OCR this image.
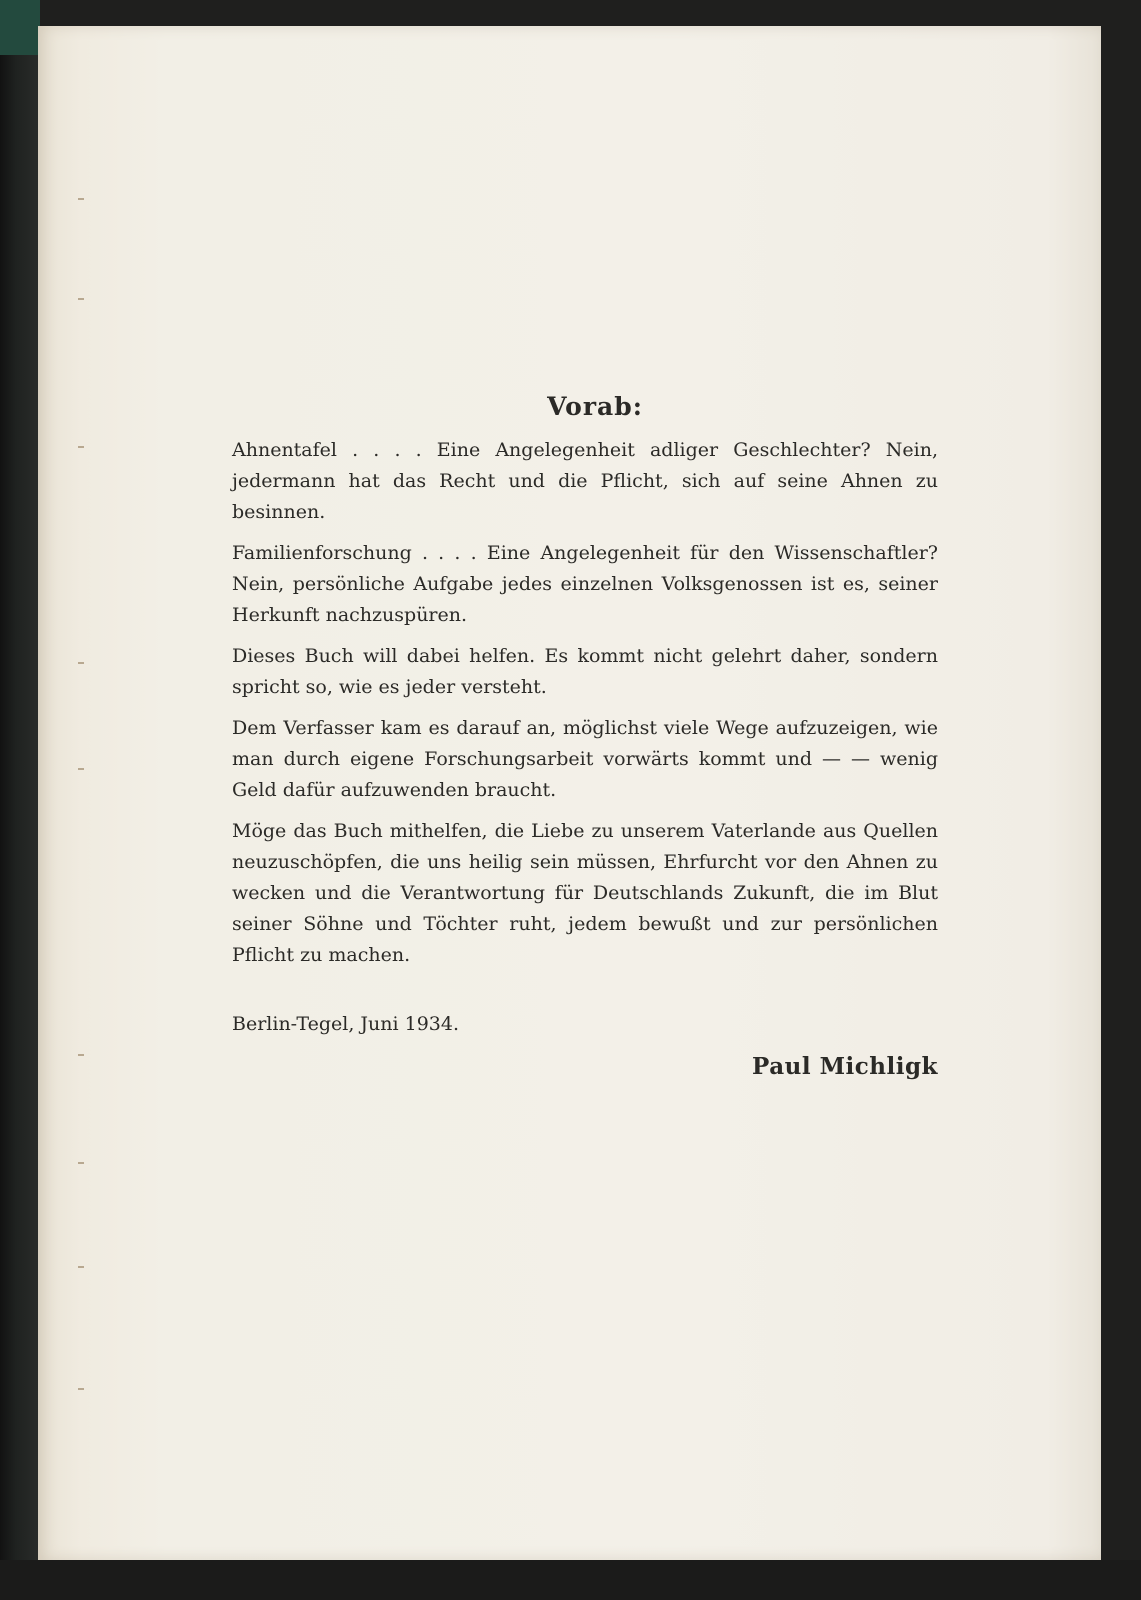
Vorab:

Ahnentafel . . . . Eine Angelegenheit adliger Geschlechter? Nein, jedermann hat das Recht und die Pflicht, sich auf seine Ahnen zu besinnen.

Familienforschung . . . . Eine Angelegenheit für den Wissenschaftler? Nein, persönliche Aufgabe jedes einzelnen Volksgenossen ist es, seiner Herkunft nachzuspüren.

Dieses Buch will dabei helfen. Es kommt nicht gelehrt daher, sondern spricht so, wie es jeder versteht.

Dem Verfasser kam es darauf an, möglichst viele Wege aufzuzeigen, wie man durch eigene Forschungsarbeit vorwärts kommt und — — wenig Geld dafür aufzuwenden braucht.

Möge das Buch mithelfen, die Liebe zu unserem Vaterlande aus Quellen neuzuschöpfen, die uns heilig sein müssen, Ehrfurcht vor den Ahnen zu wecken und die Verantwortung für Deutschlands Zukunft, die im Blut seiner Söhne und Töchter ruht, jedem bewußt und zur persönlichen Pflicht zu machen.

Berlin-Tegel, Juni 1934.
Paul Michligk
